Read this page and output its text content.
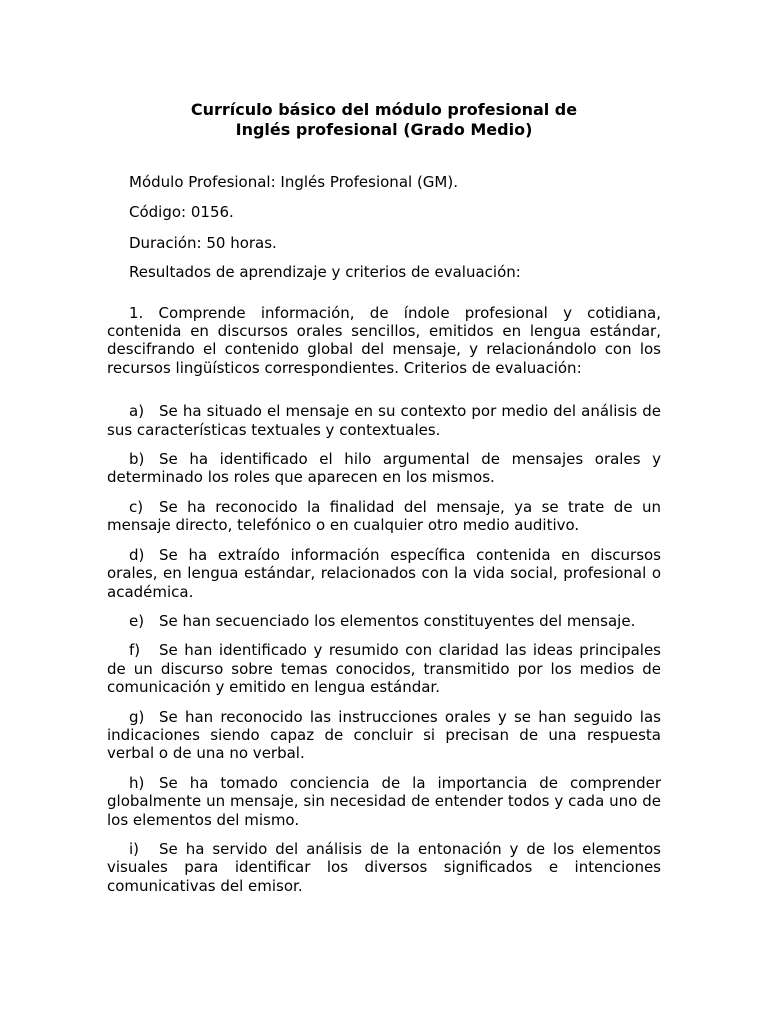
Currículo básico del módulo profesional de
Inglés profesional (Grado Medio)

Módulo Profesional: Inglés Profesional (GM).

Código: 0156.

Duración: 50 horas.

Resultados de aprendizaje y criterios de evaluación:

1. Comprende información, de índole profesional y cotidiana, contenida en discursos orales sencillos, emitidos en lengua estándar, descifrando el contenido global del mensaje, y relacionándolo con los recursos lingüísticos correspondientes. Criterios de evaluación:

a) Se ha situado el mensaje en su contexto por medio del análisis de sus características textuales y contextuales.
b) Se ha identificado el hilo argumental de mensajes orales y determinado los roles que aparecen en los mismos.
c) Se ha reconocido la finalidad del mensaje, ya se trate de un mensaje directo, telefónico o en cualquier otro medio auditivo.
d) Se ha extraído información específica contenida en discursos orales, en lengua estándar, relacionados con la vida social, profesional o académica.
e) Se han secuenciado los elementos constituyentes del mensaje.
f) Se han identificado y resumido con claridad las ideas principales de un discurso sobre temas conocidos, transmitido por los medios de comunicación y emitido en lengua estándar.
g) Se han reconocido las instrucciones orales y se han seguido las indicaciones siendo capaz de concluir si precisan de una respuesta verbal o de una no verbal.
h) Se ha tomado conciencia de la importancia de comprender globalmente un mensaje, sin necesidad de entender todos y cada uno de los elementos del mismo.
i) Se ha servido del análisis de la entonación y de los elementos visuales para identificar los diversos significados e intenciones comunicativas del emisor.
